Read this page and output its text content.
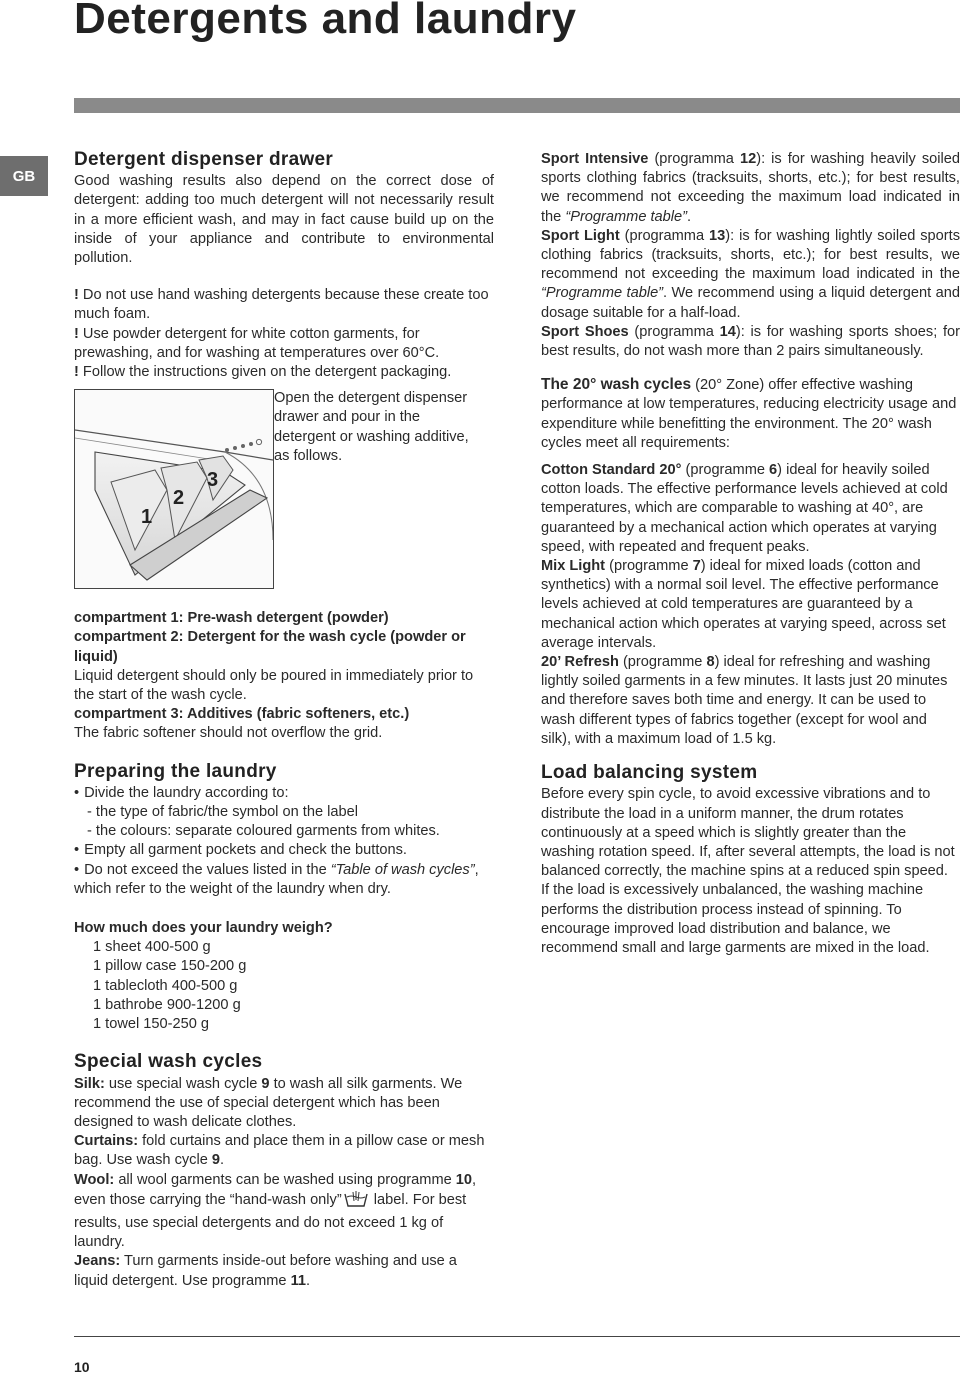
Detergents and laundry
GB
Detergent dispenser drawer

Good washing results also depend on the correct dose of detergent: adding too much detergent will not necessarily result in a more efficient wash, and may in fact cause build up on the inside of your appliance and contribute to environmental pollution.

! Do not use hand washing detergents because these create too much foam.

! Use powder detergent for white cotton garments, for prewashing, and for washing at temperatures over 60°C.

! Follow the instructions given on the detergent packaging.

1
2
3

Open the detergent dispenser drawer and pour in the detergent or washing additive, as follows.

compartment 1: Pre-wash detergent (powder)

compartment 2: Detergent for the wash cycle (powder or liquid)

Liquid detergent should only be poured in immediately prior to the start of the wash cycle.

compartment 3: Additives (fabric softeners, etc.)

The fabric softener should not overflow the grid.

Preparing the laundry

• Divide the laundry according to:

- the type of fabric/the symbol on the label

- the colours: separate coloured garments from whites.

• Empty all garment pockets and check the buttons.

• Do not exceed the values listed in the “Table of wash cycles”, which refer to the weight of the laundry when dry.

How much does your laundry weigh?

1 sheet 400-500 g

1 pillow case 150-200 g

1 tablecloth 400-500 g

1 bathrobe 900-1200 g

1 towel 150-250 g

Special wash cycles

Silk: use special wash cycle 9 to wash all silk garments. We recommend the use of special detergent which has been designed to wash delicate clothes.

Curtains: fold curtains and place them in a pillow case or mesh bag. Use wash cycle 9.

Wool: all wool garments can be washed using programme 10, even those carrying the “hand-wash only” label. For best results, use special detergents and do not exceed 1 kg of laundry.

Jeans: Turn garments inside-out before washing and use a liquid detergent. Use programme 11.

Sport Intensive (programma 12): is for washing heavily soiled sports clothing fabrics (tracksuits, shorts, etc.); for best results, we recommend not exceeding the maximum load indicated in the “Programme table”.

Sport Light (programma 13): is for washing lightly soiled sports clothing fabrics (tracksuits, shorts, etc.); for best results, we recommend not exceeding the maximum load indicated in the “Programme table”. We recommend using a liquid detergent and dosage suitable for a half-load.

Sport Shoes (programma 14): is for washing sports shoes; for best results, do not wash more than 2 pairs simultaneously.

The 20° wash cycles (20° Zone) offer effective washing performance at low temperatures, reducing electricity usage and expenditure while benefitting the environment. The 20° wash cycles meet all requirements:

Cotton Standard 20° (programme 6) ideal for heavily soiled cotton loads. The effective performance levels achieved at cold temperatures, which are comparable to washing at 40°, are guaranteed by a mechanical action which operates at varying speed, with repeated and frequent peaks.

Mix Light (programme 7) ideal for mixed loads (cotton and synthetics) with a normal soil level. The effective performance levels achieved at cold temperatures are guaranteed by a mechanical action which operates at varying speed, across set average intervals.

20’ Refresh (programme 8) ideal for refreshing and washing lightly soiled garments in a few minutes. It lasts just 20 minutes and therefore saves both time and energy. It can be used to wash different types of fabrics together (except for wool and silk), with a maximum load of 1.5 kg.

Load balancing system

Before every spin cycle, to avoid excessive vibrations and to distribute the load in a uniform manner, the drum rotates continuously at a speed which is slightly greater than the washing rotation speed. If, after several attempts, the load is not balanced correctly, the machine spins at a reduced spin speed. If the load is excessively unbalanced, the washing machine performs the distribution process instead of spinning. To encourage improved load distribution and balance, we recommend small and large garments are mixed in the load.

10
